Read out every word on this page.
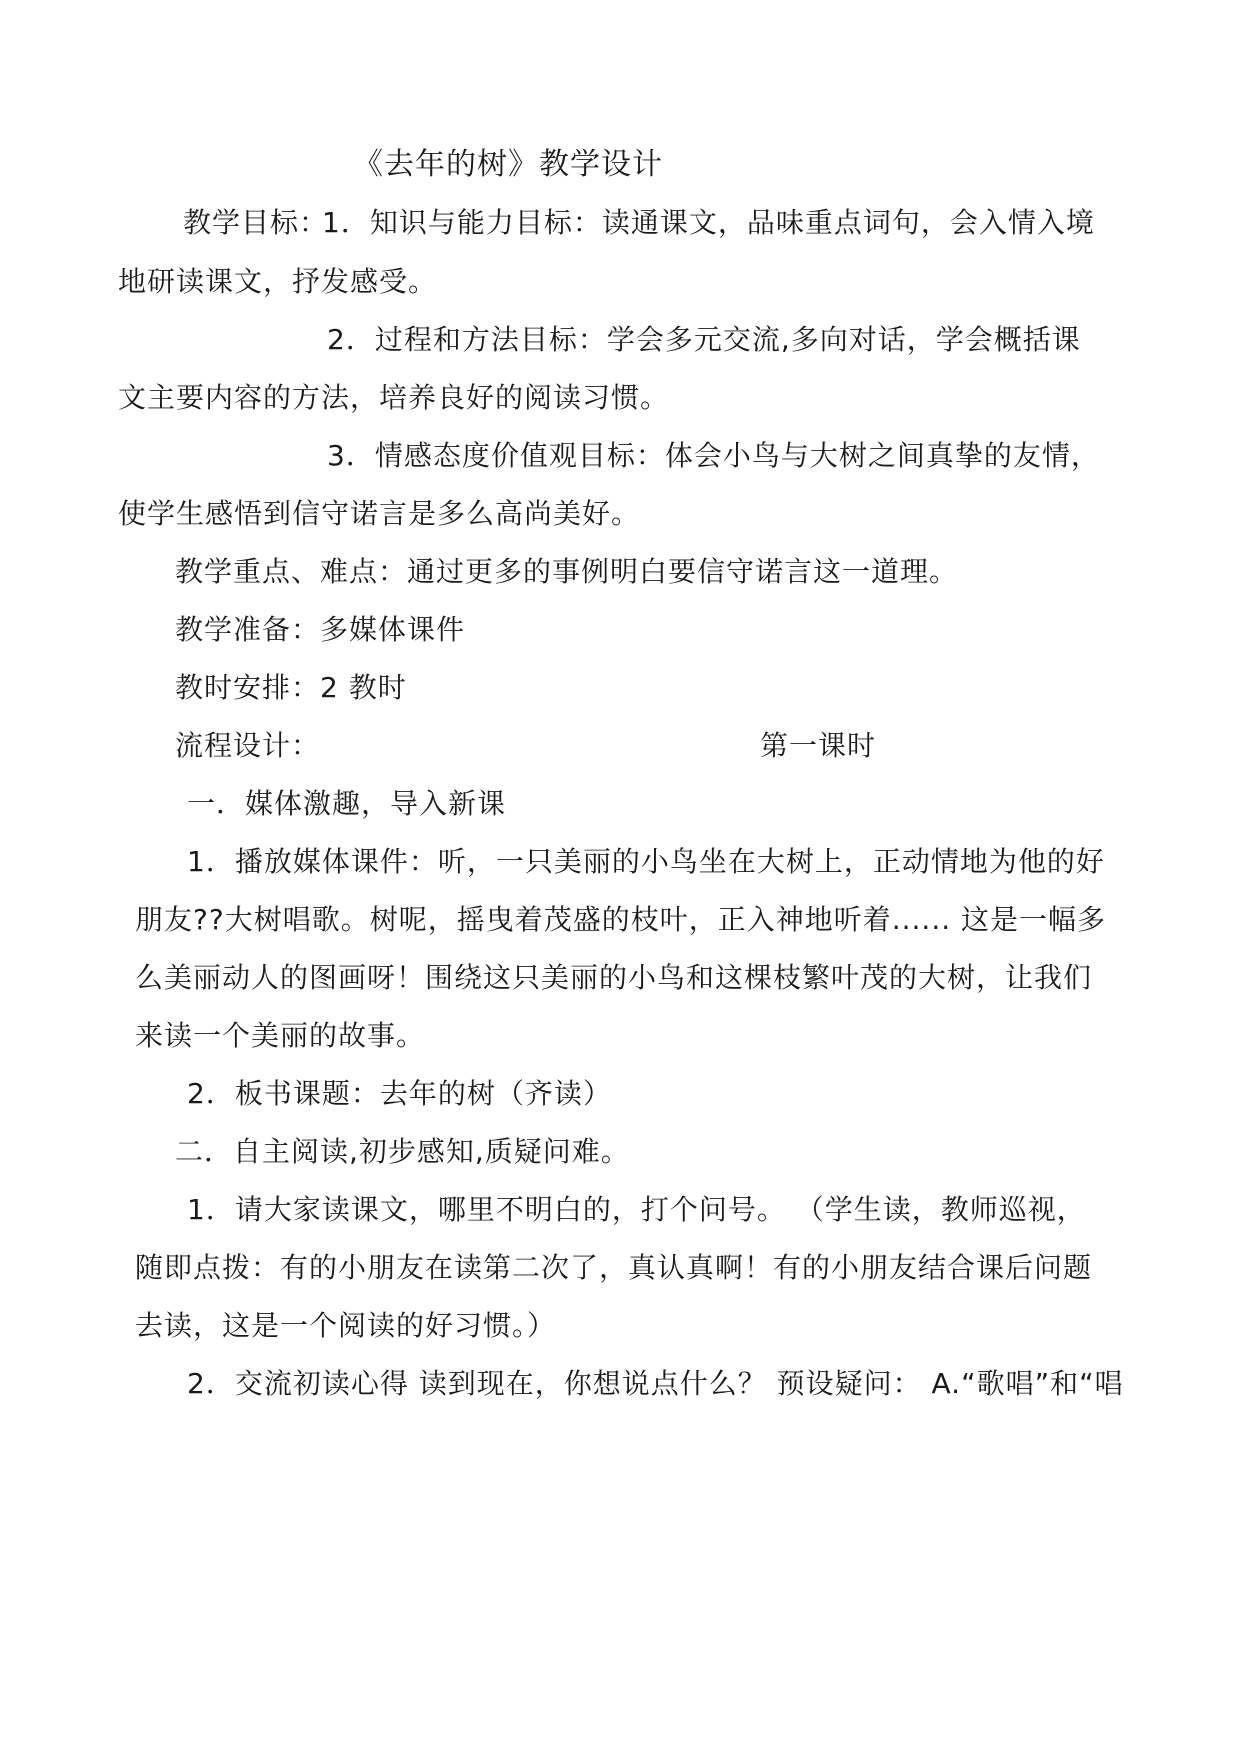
《去年的树》教学设计
教学目标：
1．知识与能力目标：读通课文，品味重点词句，会入情入境
地研读课文，抒发感受。
2．过程和方法目标：学会多元交流,多向对话，学会概括课
文主要内容的方法，培养良好的阅读习惯。
3．情感态度价值观目标：体会小鸟与大树之间真挚的友情，
使学生感悟到信守诺言是多么高尚美好。
教学重点、难点：通过更多的事例明白要信守诺言这一道理。
教学准备：多媒体课件
教时安排：2 教时
流程设计：	第一课时
一．媒体激趣，导入新课
1．播放媒体课件：听，一只美丽的小鸟坐在大树上，正动情地为他的好
朋友??大树唱歌。树呢，摇曳着茂盛的枝叶，正入神地听着...... 这是一幅多
么美丽动人的图画呀！围绕这只美丽的小鸟和这棵枝繁叶茂的大树，让我们
来读一个美丽的故事。
2．板书课题：去年的树（齐读）
二．自主阅读,初步感知,质疑问难。
1．请大家读课文，哪里不明白的，打个问号。 （学生读，教师巡视，
随即点拨：有的小朋友在读第二次了，真认真啊！有的小朋友结合课后问题
去读，这是一个阅读的好习惯。）
2．交流初读心得 读到现在，你想说点什么？ 预设疑问： A.“歌唱”和“唱
